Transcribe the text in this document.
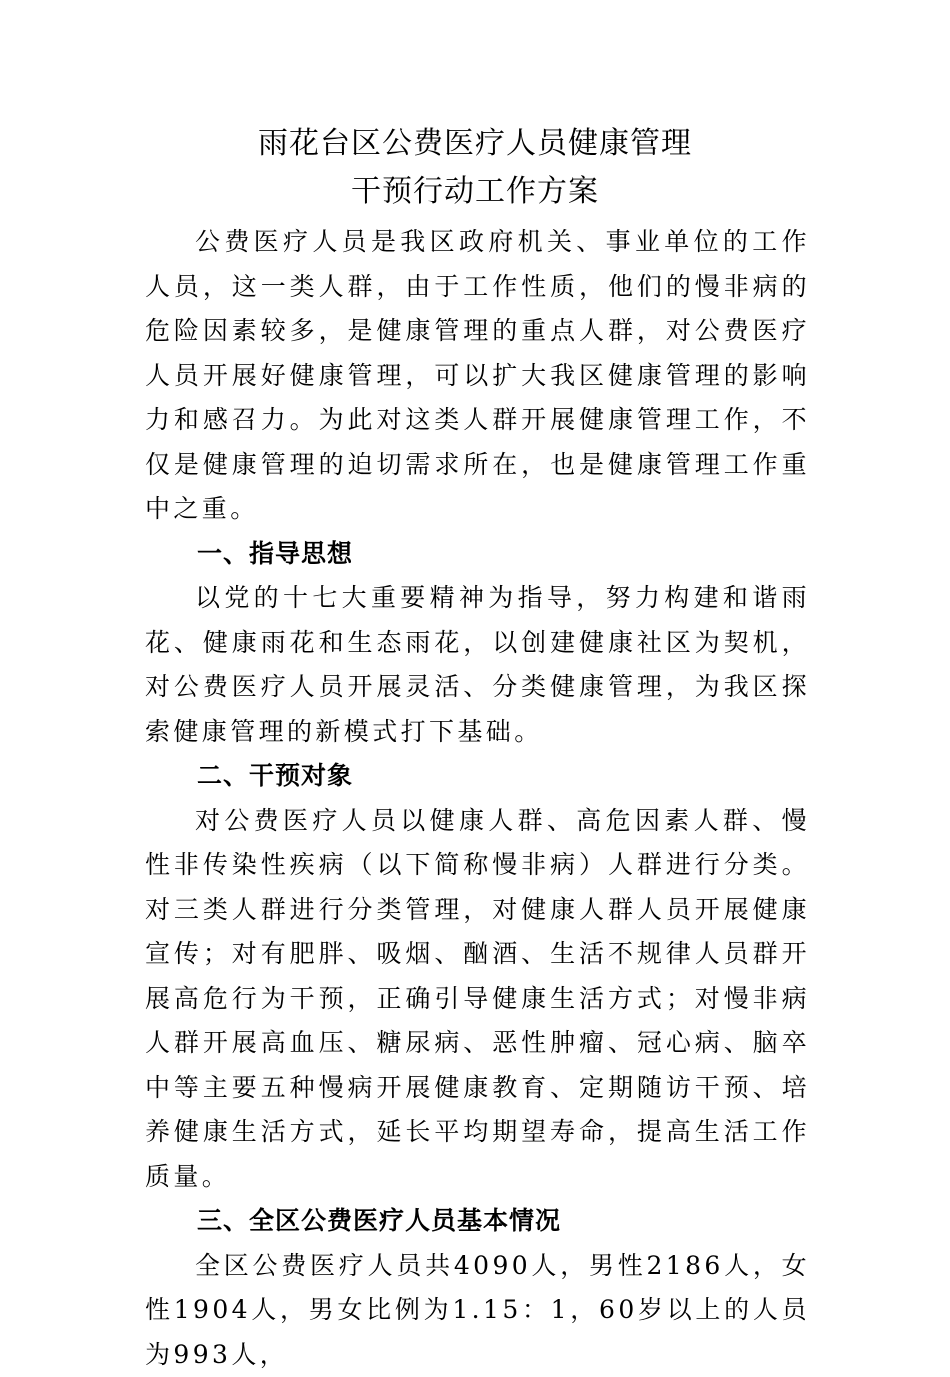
雨花台区公费医疗人员健康管理
干预行动工作方案

公费医疗人员是我区政府机关、事业单位的工作人员，这一类人群，由于工作性质，他们的慢非病的危险因素较多，是健康管理的重点人群，对公费医疗人员开展好健康管理，可以扩大我区健康管理的影响力和感召力。为此对这类人群开展健康管理工作，不仅是健康管理的迫切需求所在，也是健康管理工作重中之重。

一、指导思想

以党的十七大重要精神为指导，努力构建和谐雨花、健康雨花和生态雨花，以创建健康社区为契机，对公费医疗人员开展灵活、分类健康管理，为我区探索健康管理的新模式打下基础。

二、干预对象

对公费医疗人员以健康人群、高危因素人群、慢性非传染性疾病（以下简称慢非病）人群进行分类。对三类人群进行分类管理，对健康人群人员开展健康宣传；对有肥胖、吸烟、酗酒、生活不规律人员群开展高危行为干预，正确引导健康生活方式；对慢非病人群开展高血压、糖尿病、恶性肿瘤、冠心病、脑卒中等主要五种慢病开展健康教育、定期随访干预、培养健康生活方式，延长平均期望寿命，提高生活工作质量。

三、全区公费医疗人员基本情况

全区公费医疗人员共4090人，男性2186人，女性1904人，男女比例为1.15：1，60岁以上的人员为993人，
